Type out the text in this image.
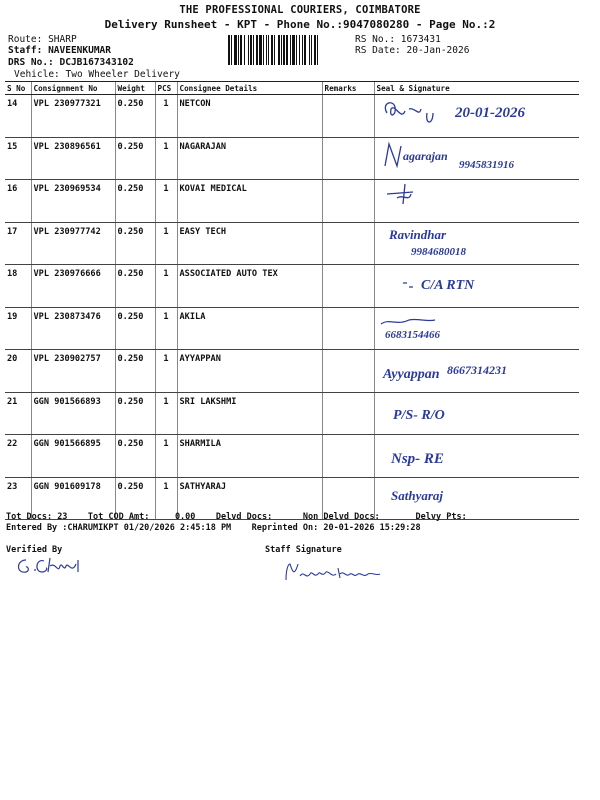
THE PROFESSIONAL COURIERS, COIMBATORE
Delivery Runsheet - KPT - Phone No.:9047080280 - Page No.:2
Route: SHARP
Staff: NAVEENKUMAR
DRS No.: DCJB167343102
Vehicle: Two Wheeler Delivery
RS No.: 1673431
RS Date: 20-Jan-2026
S No	Consignment No	Weight	PCS	Consignee Details	Remarks	Seal & Signature
14	VPL 230977321	0.250	1	NETCON		20-01-2026

15	VPL 230896561	0.250	1	NAGARAJAN		agarajan
9945831916

16	VPL 230969534	0.250	1	KOVAI MEDICAL		

17	VPL 230977742	0.250	1	EASY TECH		Ravindhar
9984680018

18	VPL 230976666	0.250	1	ASSOCIATED AUTO TEX		C/A RTN

19	VPL 230873476	0.250	1	AKILA		6683154466

20	VPL 230902757	0.250	1	AYYAPPAN		Ayyappan 8667314231

21	GGN 901566893	0.250	1	SRI LAKSHMI		P/S- R/O

22	GGN 901566895	0.250	1	SHARMILA		Nsp- RE

23	GGN 901609178	0.250	1	SATHYARAJ		Sathyaraj
Tot Docs: 23 Tot COD Amt:	0.00 Delvd Docs:	Non Delvd Docs:	Delvy Pts:
Entered By :CHARUMIKPT 01/20/2026 2:45:18 PM Reprinted On: 20-01-2026 15:29:28
Verified By	Staff Signature
